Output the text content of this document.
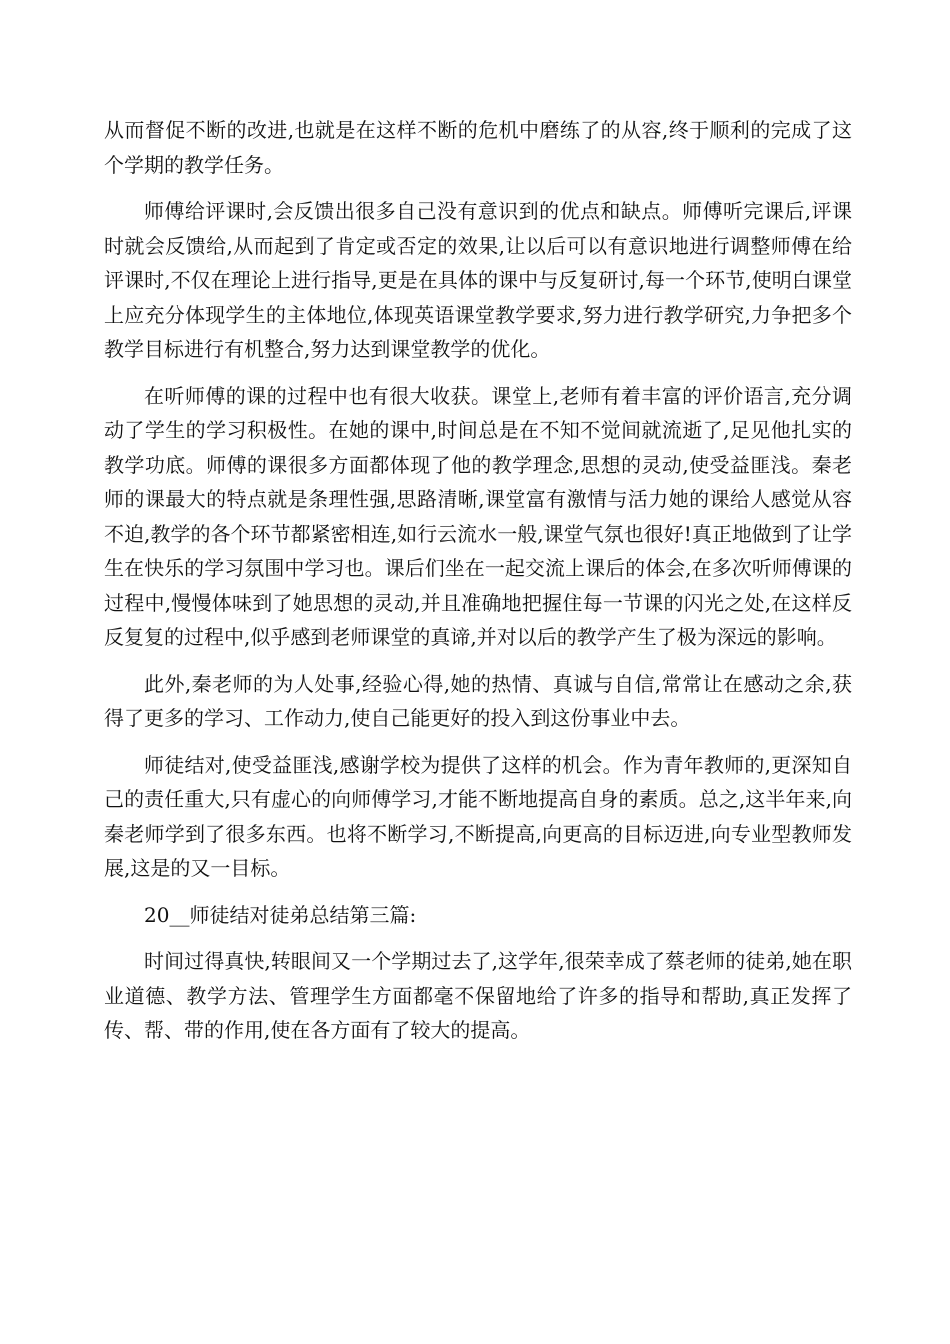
从而督促不断的改进,也就是在这样不断的危机中磨练了的从容,终于顺利的完成了这个学期的教学任务。

师傅给评课时,会反馈出很多自己没有意识到的优点和缺点。师傅听完课后,评课时就会反馈给,从而起到了肯定或否定的效果,让以后可以有意识地进行调整师傅在给评课时,不仅在理论上进行指导,更是在具体的课中与反复研讨,每一个环节,使明白课堂上应充分体现学生的主体地位,体现英语课堂教学要求,努力进行教学研究,力争把多个教学目标进行有机整合,努力达到课堂教学的优化。

在听师傅的课的过程中也有很大收获。课堂上,老师有着丰富的评价语言,充分调动了学生的学习积极性。在她的课中,时间总是在不知不觉间就流逝了,足见他扎实的教学功底。师傅的课很多方面都体现了他的教学理念,思想的灵动,使受益匪浅。秦老师的课最大的特点就是条理性强,思路清晰,课堂富有激情与活力她的课给人感觉从容不迫,教学的各个环节都紧密相连,如行云流水一般,课堂气氛也很好!真正地做到了让学生在快乐的学习氛围中学习也。课后们坐在一起交流上课后的体会,在多次听师傅课的过程中,慢慢体味到了她思想的灵动,并且准确地把握住每一节课的闪光之处,在这样反反复复的过程中,似乎感到老师课堂的真谛,并对以后的教学产生了极为深远的影响。

此外,秦老师的为人处事,经验心得,她的热情、真诚与自信,常常让在感动之余,获得了更多的学习、工作动力,使自己能更好的投入到这份事业中去。

师徒结对,使受益匪浅,感谢学校为提供了这样的机会。作为青年教师的,更深知自己的责任重大,只有虚心的向师傅学习,才能不断地提高自身的素质。总之,这半年来,向秦老师学到了很多东西。也将不断学习,不断提高,向更高的目标迈进,向专业型教师发展,这是的又一目标。

20__师徒结对徒弟总结第三篇:

时间过得真快,转眼间又一个学期过去了,这学年,很荣幸成了蔡老师的徒弟,她在职业道德、教学方法、管理学生方面都毫不保留地给了许多的指导和帮助,真正发挥了传、帮、带的作用,使在各方面有了较大的提高。
